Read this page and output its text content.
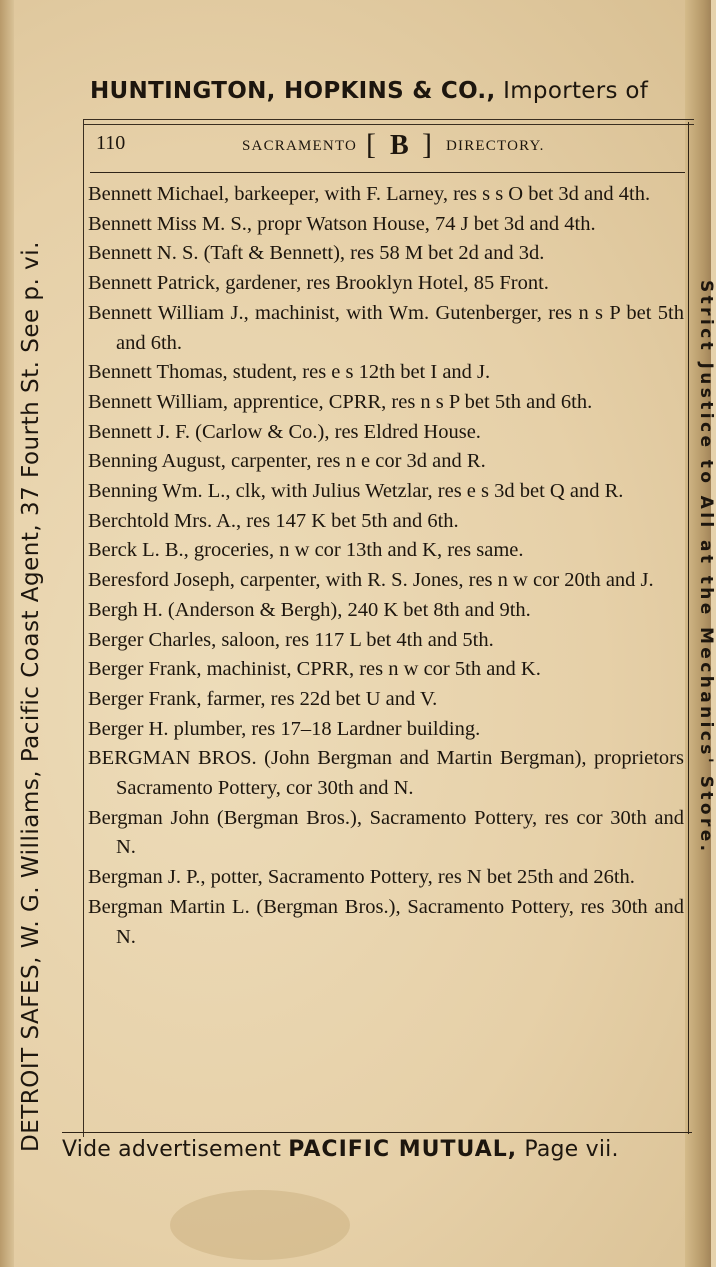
HUNTINGTON, HOPKINS & CO., Importers of
DETROIT SAFES, W. G. Williams, Pacific Coast Agent, 37 Fourth St. See p. vi.	Strict Justice to All at the Mechanics' Store.
110	SACRAMENTO [ B ] DIRECTORY.

Bennett Michael, barkeeper, with F. Larney, res s s O bet 3d and 4th.

Bennett Miss M. S., propr Watson House, 74 J bet 3d and 4th.

Bennett N. S. (Taft & Bennett), res 58 M bet 2d and 3d.

Bennett Patrick, gardener, res Brooklyn Hotel, 85 Front.

Bennett William J., machinist, with Wm. Gutenberger, res n s P bet 5th and 6th.

Bennett Thomas, student, res e s 12th bet I and J.

Bennett William, apprentice, CPRR, res n s P bet 5th and 6th.

Bennett J. F. (Carlow & Co.), res Eldred House.

Benning August, carpenter, res n e cor 3d and R.

Benning Wm. L., clk, with Julius Wetzlar, res e s 3d bet Q and R.

Berchtold Mrs. A., res 147 K bet 5th and 6th.

Berck L. B., groceries, n w cor 13th and K, res same.

Beresford Joseph, carpenter, with R. S. Jones, res n w cor 20th and J.

Bergh H. (Anderson & Bergh), 240 K bet 8th and 9th.

Berger Charles, saloon, res 117 L bet 4th and 5th.

Berger Frank, machinist, CPRR, res n w cor 5th and K.

Berger Frank, farmer, res 22d bet U and V.

Berger H. plumber, res 17–18 Lardner building.

BERGMAN BROS. (John Bergman and Martin Bergman), proprietors Sacramento Pottery, cor 30th and N.

Bergman John (Bergman Bros.), Sacramento Pottery, res cor 30th and N.

Bergman J. P., potter, Sacramento Pottery, res N bet 25th and 26th.

Bergman Martin L. (Bergman Bros.), Sacramento Pottery, res 30th and N.

Vide advertisement PACIFIC MUTUAL, Page vii.
